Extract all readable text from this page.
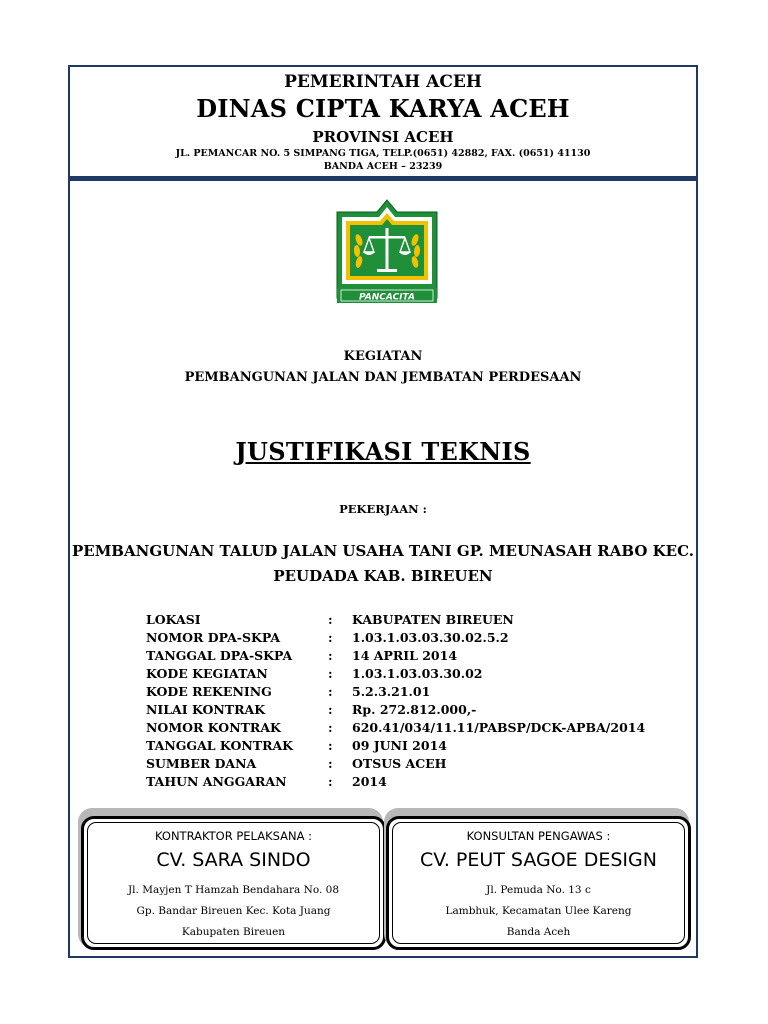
PEMERINTAH ACEH
DINAS CIPTA KARYA ACEH
PROVINSI ACEH
JL. PEMANCAR NO. 5 SIMPANG TIGA, TELP.(0651) 42882, FAX. (0651) 41130
BANDA ACEH – 23239
PANCACITA
KEGIATAN
PEMBANGUNAN JALAN DAN JEMBATAN PERDESAAN
JUSTIFIKASI TEKNIS
PEKERJAAN :
PEMBANGUNAN TALUD JALAN USAHA TANI GP. MEUNASAH RABO KEC.
PEUDADA KAB. BIREUEN
LOKASI	: KABUPATEN BIREUEN
NOMOR DPA-SKPA	: 1.03.1.03.03.30.02.5.2
TANGGAL DPA-SKPA	: 14 APRIL 2014
KODE KEGIATAN	: 1.03.1.03.03.30.02
KODE REKENING	: 5.2.3.21.01
NILAI KONTRAK	: Rp. 272.812.000,-
NOMOR KONTRAK	: 620.41/034/11.11/PABSP/DCK-APBA/2014
TANGGAL KONTRAK	: 09 JUNI 2014
SUMBER DANA	: OTSUS ACEH
TAHUN ANGGARAN	: 2014
KONTRAKTOR PELAKSANA :
CV. SARA SINDO
Jl. Mayjen T Hamzah Bendahara No. 08
Gp. Bandar Bireuen Kec. Kota Juang
Kabupaten Bireuen
KONSULTAN PENGAWAS :
CV. PEUT SAGOE DESIGN
Jl. Pemuda No. 13 c
Lambhuk, Kecamatan Ulee Kareng
Banda Aceh
